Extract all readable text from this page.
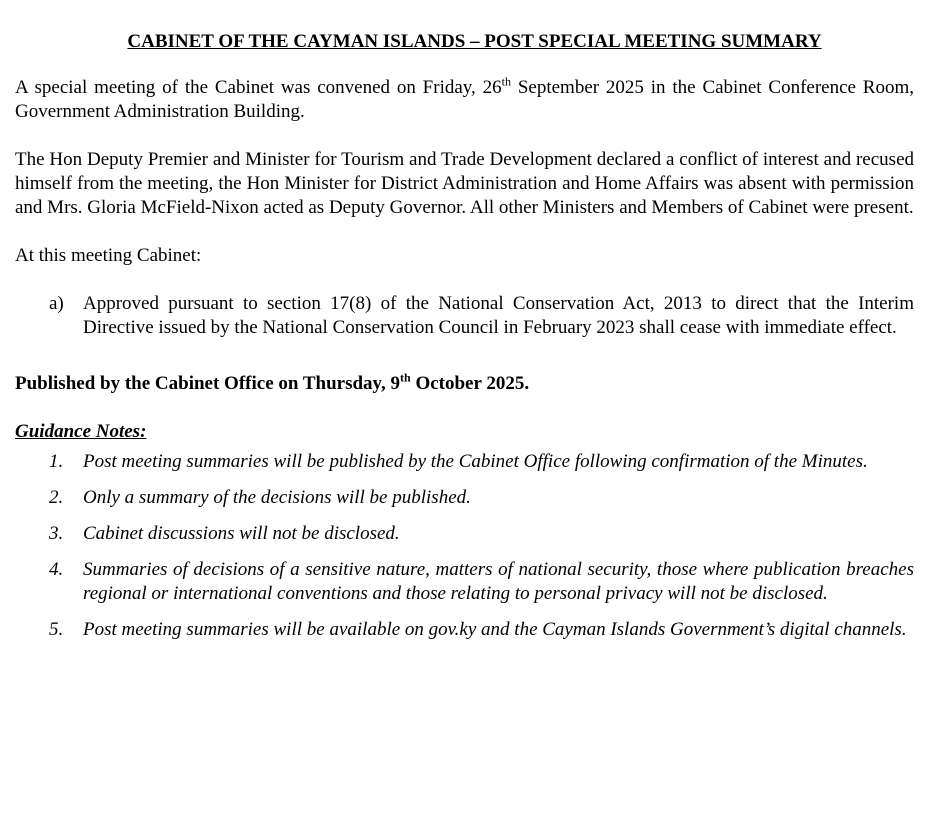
CABINET OF THE CAYMAN ISLANDS – POST SPECIAL MEETING SUMMARY

A special meeting of the Cabinet was convened on Friday, 26th September 2025 in the Cabinet Conference Room, Government Administration Building.

The Hon Deputy Premier and Minister for Tourism and Trade Development declared a conflict of interest and recused himself from the meeting, the Hon Minister for District Administration and Home Affairs was absent with permission and Mrs. Gloria McField-Nixon acted as Deputy Governor. All other Ministers and Members of Cabinet were present.

At this meeting Cabinet:

a)	Approved pursuant to section 17(8) of the National Conservation Act, 2013 to direct that the Interim Directive issued by the National Conservation Council in February 2023 shall cease with immediate effect.

Published by the Cabinet Office on Thursday, 9th October 2025.

Guidance Notes:
1.	Post meeting summaries will be published by the Cabinet Office following confirmation of the Minutes.
2.	Only a summary of the decisions will be published.
3.	Cabinet discussions will not be disclosed.
4.	Summaries of decisions of a sensitive nature, matters of national security, those where publication breaches regional or international conventions and those relating to personal privacy will not be disclosed.
5.	Post meeting summaries will be available on gov.ky and the Cayman Islands Government’s digital channels.
